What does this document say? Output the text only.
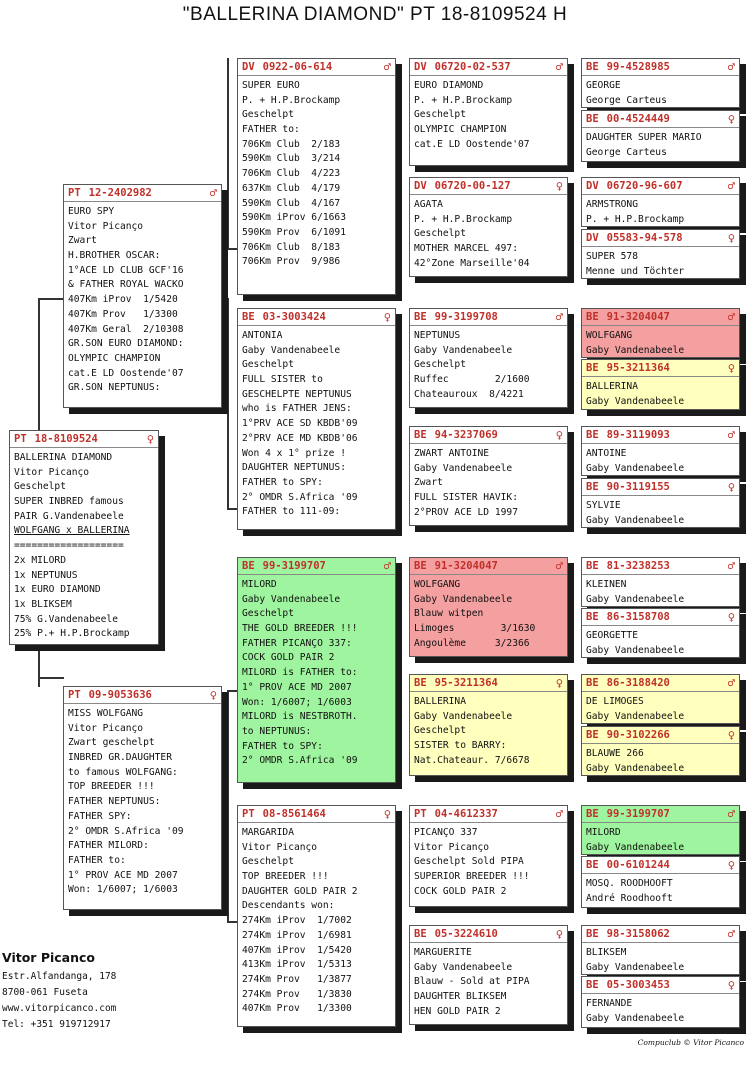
"BALLERINA DIAMOND" PT 18-8109524 H
PT 18-8109524	♀
BALLERINA DIAMOND
Vitor Picanço
Geschelpt
SUPER INBRED famous
PAIR G.Vandenabeele
WOLFGANG x BALLERINA
===================
2x MILORD
1x NEPTUNUS
1x EURO DIAMOND
1x BLIKSEM
75% G.Vandenabeele
25% P.+ H.P.Brockamp
PT 12-2402982	♂
EURO SPY
Vitor Picanço
Zwart
H.BROTHER OSCAR:
1°ACE LD CLUB GCF'16
& FATHER ROYAL WACKO
407Km iProv  1/5420
407Km Prov   1/3300
407Km Geral  2/10308
GR.SON EURO DIAMOND:
OLYMPIC CHAMPION
cat.E LD Oostende'07
GR.SON NEPTUNUS:
PT 09-9053636	♀
MISS WOLFGANG
Vitor Picanço
Zwart geschelpt
INBRED GR.DAUGHTER
to famous WOLFGANG:
TOP BREEDER !!!
FATHER NEPTUNUS:
FATHER SPY:
2° OMDR S.Africa '09
FATHER MILORD:
FATHER to:
1° PROV ACE MD 2007
Won: 1/6007; 1/6003
DV 0922-06-614	♂
SUPER EURO
P. + H.P.Brockamp
Geschelpt
FATHER to:
706Km Club  2/183
590Km Club  3/214
706Km Club  4/223
637Km Club  4/179
590Km Club  4/167
590Km iProv 6/1663
590Km Prov  6/1091
706Km Club  8/183
706Km Prov  9/986
BE 03-3003424	♀
ANTONIA
Gaby Vandenabeele
Geschelpt
FULL SISTER to
GESCHELPTE NEPTUNUS
who is FATHER JENS:
1°PRV ACE SD KBDB'09
2°PRV ACE MD KBDB'06
Won 4 x 1° prize !
DAUGHTER NEPTUNUS:
FATHER to SPY:
2° OMDR S.Africa '09
FATHER to 111-09:
BE 99-3199707	♂
MILORD
Gaby Vandenabeele
Geschelpt
THE GOLD BREEDER !!!
FATHER PICANÇO 337:
COCK GOLD PAIR 2
MILORD is FATHER to:
1° PROV ACE MD 2007
Won: 1/6007; 1/6003
MILORD is NESTBROTH.
to NEPTUNUS:
FATHER to SPY:
2° OMDR S.Africa '09
PT 08-8561464	♀
MARGARIDA
Vitor Picanço
Geschelpt
TOP BREEDER !!!
DAUGHTER GOLD PAIR 2
Descendants won:
274Km iProv  1/7002
274Km iProv  1/6981
407Km iProv  1/5420
413Km iProv  1/5313
274Km Prov   1/3877
274Km Prov   1/3830
407Km Prov   1/3300
DV 06720-02-537	♂
EURO DIAMOND
P. + H.P.Brockamp
Geschelpt
OLYMPIC CHAMPION
cat.E LD Oostende'07
DV 06720-00-127	♀
AGATA
P. + H.P.Brockamp
Geschelpt
MOTHER MARCEL 497:
42°Zone Marseille'04
BE 99-3199708	♂
NEPTUNUS
Gaby Vandenabeele
Geschelpt
Ruffec        2/1600
Chateauroux  8/4221
BE 94-3237069	♀
ZWART ANTOINE
Gaby Vandenabeele
Zwart
FULL SISTER HAVIK:
2°PROV ACE LD 1997
BE 91-3204047	♂
WOLFGANG
Gaby Vandenabeele
Blauw witpen
Limoges        3/1630
Angoulème     3/2366
BE 95-3211364	♀
BALLERINA
Gaby Vandenabeele
Geschelpt
SISTER to BARRY:
Nat.Chateaur. 7/6678
PT 04-4612337	♂
PICANÇO 337
Vitor Picanço
Geschelpt Sold PIPA
SUPERIOR BREEDER !!!
COCK GOLD PAIR 2
BE 05-3224610	♀
MARGUERITE
Gaby Vandenabeele
Blauw - Sold at PIPA
DAUGHTER BLIKSEM
HEN GOLD PAIR 2
BE 99-4528985	♂
GEORGE
George Carteus
BE 00-4524449	♀
DAUGHTER SUPER MARIO
George Carteus
DV 06720-96-607	♂
ARMSTRONG
P. + H.P.Brockamp
DV 05583-94-578	♀
SUPER 578
Menne und Töchter
BE 91-3204047	♂
WOLFGANG
Gaby Vandenabeele
BE 95-3211364	♀
BALLERINA
Gaby Vandenabeele
BE 89-3119093	♂
ANTOINE
Gaby Vandenabeele
BE 90-3119155	♀
SYLVIE
Gaby Vandenabeele
BE 81-3238253	♂
KLEINEN
Gaby Vandenabeele
BE 86-3158708	♀
GEORGETTE
Gaby Vandenabeele
BE 86-3188420	♂
DE LIMOGES
Gaby Vandenabeele
BE 90-3102266	♀
BLAUWE 266
Gaby Vandenabeele
BE 99-3199707	♂
MILORD
Gaby Vandenabeele
BE 00-6101244	♀
MOSQ. ROODHOOFT
André Roodhooft
BE 98-3158062	♂
BLIKSEM
Gaby Vandenabeele
BE 05-3003453	♀
FERNANDE
Gaby Vandenabeele
Vitor Picanco
Estr.Alfandanga, 178
8700-061 Fuseta
www.vitorpicanco.com
Tel: +351 919712917
Compuclub © Vitor Picanco
